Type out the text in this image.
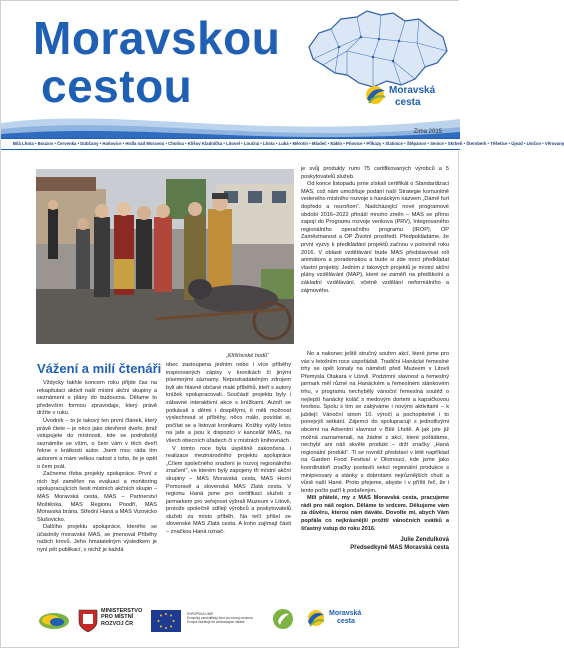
Moravskou
cestou	Moravská
cesta
Zima 2015
Bílá Lhota • Bouzov • Červenka • Dubčany • Haňovice • Hrdla nad Moravou • Cholina • Klíšov Kladníčka • Litovel • Loučná • Lhota • Luká • Měrotín • Mladeč • Náklo • Pňovice • Příkazy • Slatinice • Štěpánov • Senice • Skrbeň • Šternberk • Těšetice • Újezd • Uničov • Věrovany
„Klíšťovské hodů“

je svůj produkty rumi 75 certifikovaných výrobců a 5 poskytovatelů služeb.

Od konce listopadu jsme získali certifikát o Standardizaci MAS, což nám umožňuje podání naší Strategie komunitně vedeného místního rozvoje s hanáckým názvem „Dámě furt dopředo a nezoňom“. Nadcházející nové programové období 2016–2022 přináší mnoho změn – MAS se přímo zapojí do Programu rozvoje venkova (PRV), Integrovaného regionálního operačního programu (IROP), OP Zaměstnanost a OP Životní prostředí. Předpokládáme, že první výzvy k předkládání projektů začnou v polovině roku 2016. V oblasti vzdělávání bude MAS představovat roli animátora a poradenskou a bude si zde moci předkládat vlastní projekty. Jedním z takových projektů je místní akční plány vzdělávání (MAP), které se zaměří na předškolní a základní vzdělávání, včetně vzdělání neformálního a zájmového.

Vážení a milí čtenáři

Vždycky takhle koncem roku přijde čas na rekapitulaci aktivit naší místní akční skupiny a seznámení s plány do budoucna. Dělame to především formou zpravodaje, který právě držíte v ruku.

Úvodník – to je takový ten první článek, který právě čtete – je něco jako otevřené dveře, jimiž vstupujete do místnosti, kde se podrobněji seznámíte se vším, o čem vám v těch dveří řekne v krátkosti autor. Jsem moc ráda tím autorem a mám velkou radost z toho, že je opět o čem psát.

Začneme třeba projekty spolupráce. První z nich byl zaměřen na evaluaci a monitoring spolupracujících šesti místních akčních skupin – MAS Moravská cesta, MAS – Partnerství Moštěnka, MAS Regionu Poodří, MAS Moravská brána, Střední Haná a MAS Vizovicko Slušovicko.

Dalšího projektu spolupráce, kterého se účastnily moravské MAS, se jmenoval Příběhy našich krovů. Jeho hmatatelným výsledkem je nyní pět publikací, v nichž je každá

obec zastoupena jedním nebo i více příběhy inspirovaných zápisy v kronikách či jinými písemnými záznamy. Nepostradatelným zdrojem byli ale hlavně občané malé příběhů, kteří s autory knížek spolupracovali. Součástí projektu byly i zábavné interaktivní akce s knížkami. Autoři se potkávali s dětmi i dospělými, ti měli možnost vyslechnout si příběhy, něco málo, povídat si, počítat se a listovat kronikami. Knížky vyšly letos na jaře a jsou k dispozici v kancelář MAS, na všech obecních úřadech či v místních knihovnách.

V tomto roce byla úspěšně zakončena i realizace mezinárodního projektu spolupráce „Cílem společného snažení je rozvoj regionálního značení“, ve kterém byly zapojeny tři místní akční skupiny – MAS Moravská cesta, MAS Horní Pomoravě a slovenská MAS Zlatá cesta. V regionu Haná jsme pro certifikaci služeb z jarmarkem pro veřejnost vybrali Muzeum v Litovli, protože společně sdílejí výrobců a poskytovatelů služeb za místo příběh. Na tečí přišel ze slovenské MAS Zlatá cesta. A koho zajímají části – značkou Haná označ-

No a nakonec ještě stručný souhrn akcí, které jsme pro vás v letošním roce uspořádali. Tradiční Hanácké řemeslné trhy se opět konaly na náměstí před Muzeem v Litovli Přemysla Otakara v Litovli. Podzimní slavnost a řemeslný jarmark měl různé na Hanáckém a řemeslném stánkovém trhu, v programu nechyběly vánoční řemeslná soutěž o nejlepší hanácký koláč s medovým dortem a kapsičkovou tvorbou. Spolu s tím se zabýváme i novými aktivitami – k jubilejí: Vánoční strom 10. výročí a pochopitelně i to ponejvýš setkání. Zájemci do spolupracují s jednotlivými obcemi na Adventní slavnost v Bílé Lhotě. A jak jste již možná zaznamenali, na žádné z akcí, které pořádáme, nechybí ani náš skvělé produkt – drží značky „Haná regionální produkt“. Ti se rovněž představí v létě například na Garden Food Festival v Olomouci, kde jsme jako koordinátoři značky postavili sekci regionální produkce s minipivovary a stánky s dobrotami nejrůznějších chutí a vůně naší Hané. Proto přejeme, abyste i v příští řeč, že i tento počin patří k podařeným.

Milí přátelé, my z MAS Moravská cesta, pracujeme rádi pro náš region. Děláme to srdcem. Děkujeme vám za důvěru, kterou nám dáváte. Dovolte mi, abych Vám popřála co nejkrásnější prožití vánočních svátků a šťastný vstup do roku 2016.

Julie Zendulková
Předsedkyně MAS Moravská cesta
MINISTERSTVO
PRO MÍSTNÍ
ROZVOJ ČR
EVROPSKÁ UNIE
Evropský zemědělský fond pro rozvoj venkova
Evropa investuje do venkovských oblastí
Moravská
cesta
